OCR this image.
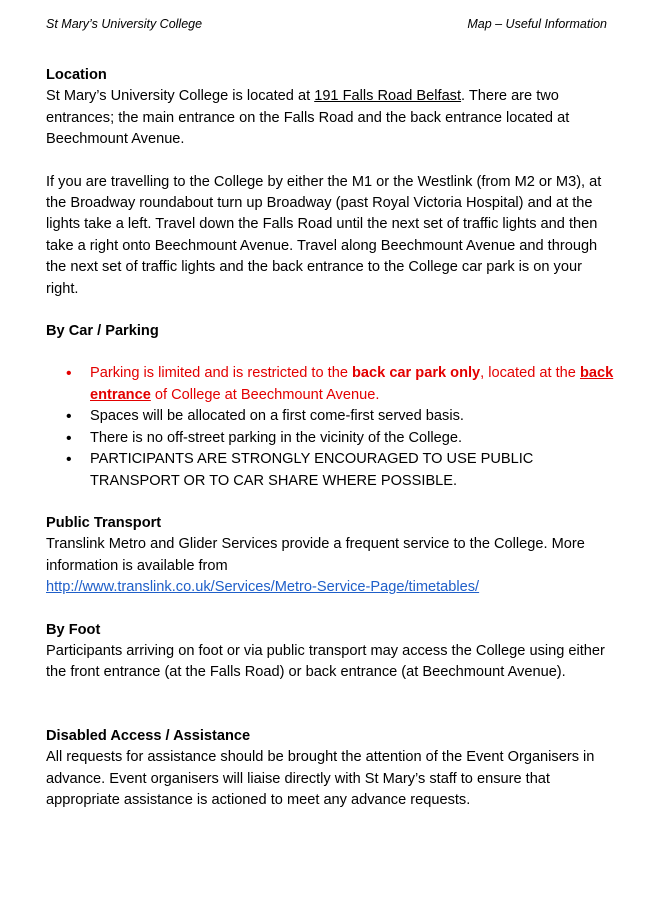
St Mary’s University College	Map – Useful Information

Location

St Mary’s University College is located at 191 Falls Road Belfast. There are two entrances; the main entrance on the Falls Road and the back entrance located at Beechmount Avenue.

If you are travelling to the College by either the M1 or the Westlink (from M2 or M3), at the Broadway roundabout turn up Broadway (past Royal Victoria Hospital) and at the lights take a left. Travel down the Falls Road until the next set of traffic lights and then take a right onto Beechmount Avenue. Travel along Beechmount Avenue and through the next set of traffic lights and the back entrance to the College car park is on your right.

By Car / Parking

• Parking is limited and is restricted to the back car park only, located at the back entrance of College at Beechmount Avenue.
• Spaces will be allocated on a first come-first served basis.
• There is no off-street parking in the vicinity of the College.
• PARTICIPANTS ARE STRONGLY ENCOURAGED TO USE PUBLIC TRANSPORT OR TO CAR SHARE WHERE POSSIBLE.

Public Transport

Translink Metro and Glider Services provide a frequent service to the College. More information is available from

http://www.translink.co.uk/Services/Metro-Service-Page/timetables/

By Foot

Participants arriving on foot or via public transport may access the College using either the front entrance (at the Falls Road) or back entrance (at Beechmount Avenue).

Disabled Access / Assistance

All requests for assistance should be brought the attention of the Event Organisers in advance. Event organisers will liaise directly with St Mary’s staff to ensure that appropriate assistance is actioned to meet any advance requests.
